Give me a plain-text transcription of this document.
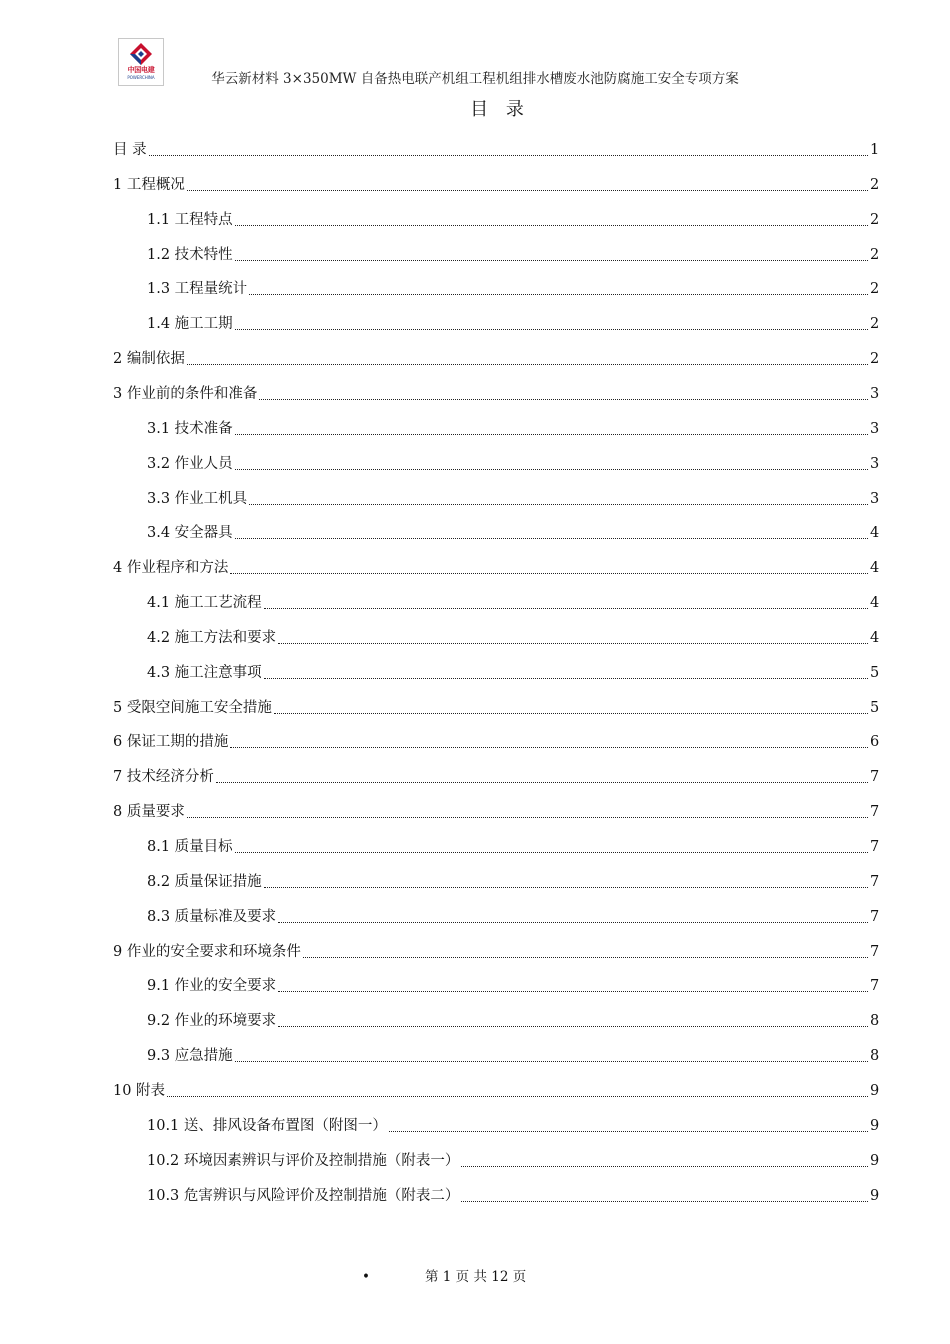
中国电建
POWERCHINA	华云新材料 3×350MW 自备热电联产机组工程机组排水槽废水池防腐施工安全专项方案
目 录
目 录	1
1 工程概况	2
1.1 工程特点	2
1.2 技术特性	2
1.3 工程量统计	2
1.4 施工工期	2
2 编制依据	2
3 作业前的条件和准备	3
3.1 技术准备	3
3.2 作业人员	3
3.3 作业工机具	3
3.4 安全器具	4
4 作业程序和方法	4
4.1 施工工艺流程	4
4.2 施工方法和要求	4
4.3 施工注意事项	5
5 受限空间施工安全措施	5
6 保证工期的措施	6
7 技术经济分析	7
8 质量要求	7
8.1 质量目标	7
8.2 质量保证措施	7
8.3 质量标准及要求	7
9 作业的安全要求和环境条件	7
9.1 作业的安全要求	7
9.2 作业的环境要求	8
9.3 应急措施	8
10 附表	9
10.1 送、排风设备布置图（附图一）	9
10.2 环境因素辨识与评价及控制措施（附表一）	9
10.3 危害辨识与风险评价及控制措施（附表二）	9
•	第 1 页 共 12 页
